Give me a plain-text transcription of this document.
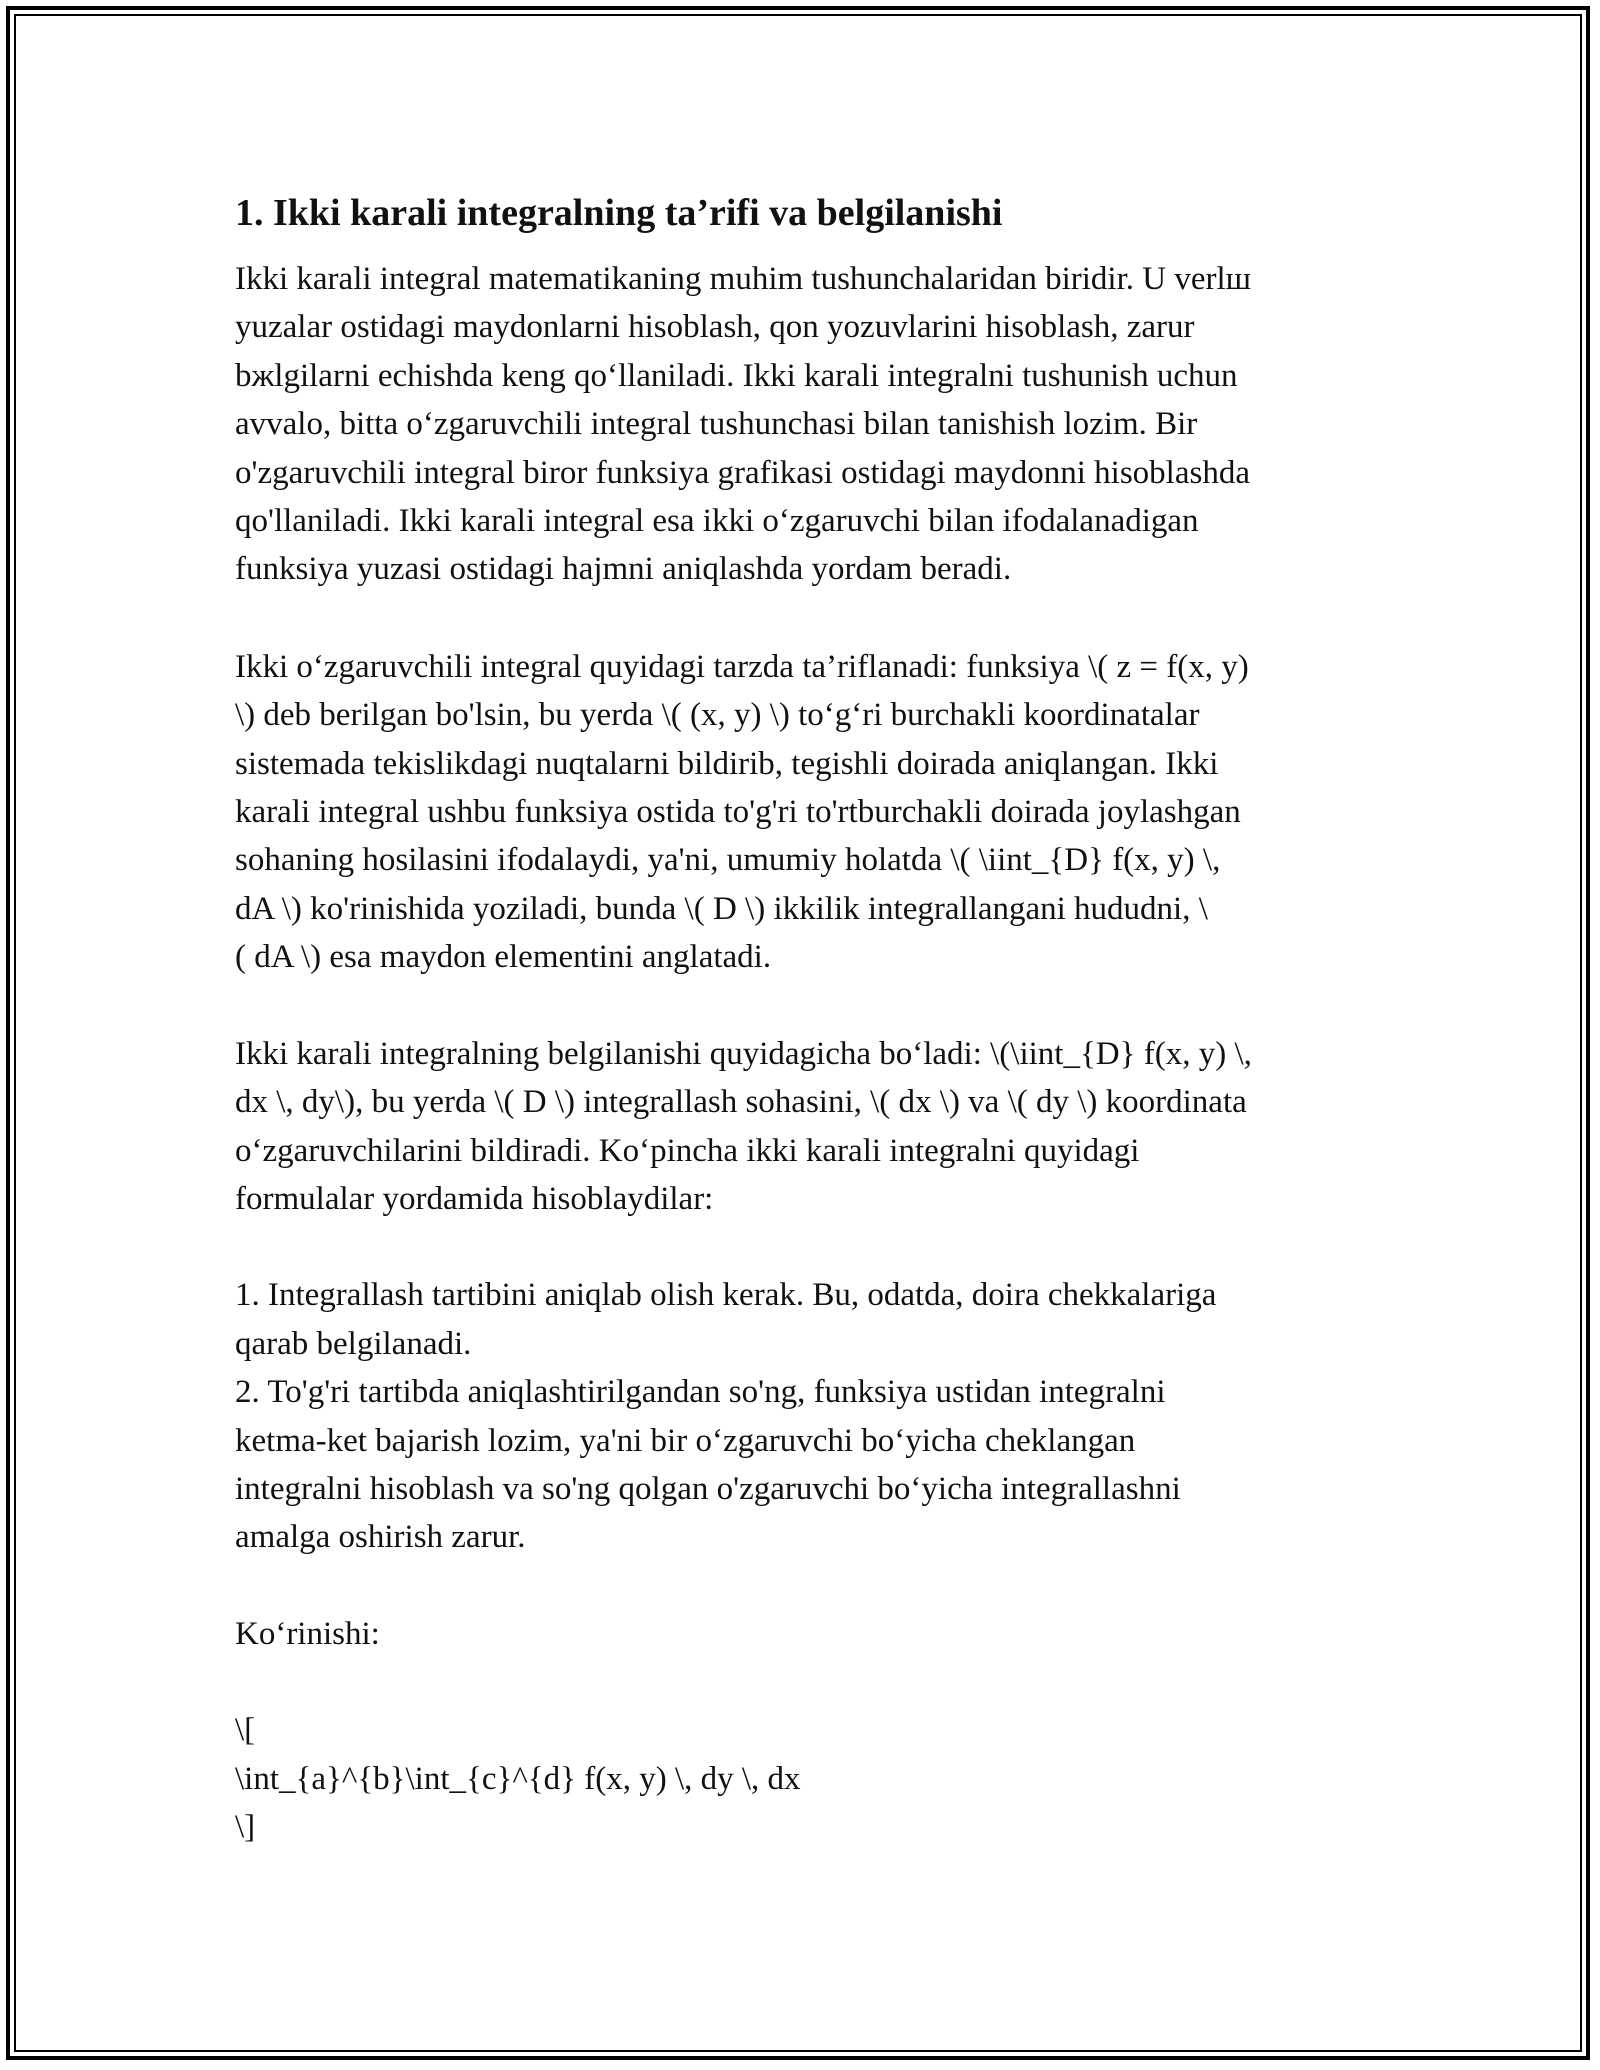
1. Ikki karali integralning ta’rifi va belgilanishi

Ikki karali integral matematikaning muhim tushunchalaridan biridir. U verlш
yuzalar ostidagi maydonlarni hisoblash, qon yozuvlarini hisoblash, zarur
bжlgilarni echishda keng qo‘llaniladi. Ikki karali integralni tushunish uchun
avvalo, bitta o‘zgaruvchili integral tushunchasi bilan tanishish lozim. Bir
o'zgaruvchili integral biror funksiya grafikasi ostidagi maydonni hisoblashda
qo'llaniladi. Ikki karali integral esa ikki o‘zgaruvchi bilan ifodalanadigan
funksiya yuzasi ostidagi hajmni aniqlashda yordam beradi.

Ikki o‘zgaruvchili integral quyidagi tarzda ta’riflanadi: funksiya \( z = f(x, y)
\) deb berilgan bo'lsin, bu yerda \( (x, y) \) to‘g‘ri burchakli koordinatalar
sistemada tekislikdagi nuqtalarni bildirib, tegishli doirada aniqlangan. Ikki
karali integral ushbu funksiya ostida to'g'ri to'rtburchakli doirada joylashgan
sohaning hosilasini ifodalaydi, ya'ni, umumiy holatda \( \iint_{D} f(x, y) \,
dA \) ko'rinishida yoziladi, bunda \( D \) ikkilik integrallangani hududni, \
( dA \) esa maydon elementini anglatadi.

Ikki karali integralning belgilanishi quyidagicha bo‘ladi: \(\iint_{D} f(x, y) \,
dx \, dy\), bu yerda \( D \) integrallash sohasini, \( dx \) va \( dy \) koordinata
o‘zgaruvchilarini bildiradi. Ko‘pincha ikki karali integralni quyidagi
formulalar yordamida hisoblaydilar:

1. Integrallash tartibini aniqlab olish kerak. Bu, odatda, doira chekkalariga
qarab belgilanadi.
2. To'g'ri tartibda aniqlashtirilgandan so'ng, funksiya ustidan integralni
ketma-ket bajarish lozim, ya'ni bir o‘zgaruvchi bo‘yicha cheklangan
integralni hisoblash va so'ng qolgan o'zgaruvchi bo‘yicha integrallashni
amalga oshirish zarur.

Ko‘rinishi:

\[
\int_{a}^{b}\int_{c}^{d} f(x, y) \, dy \, dx
\]
